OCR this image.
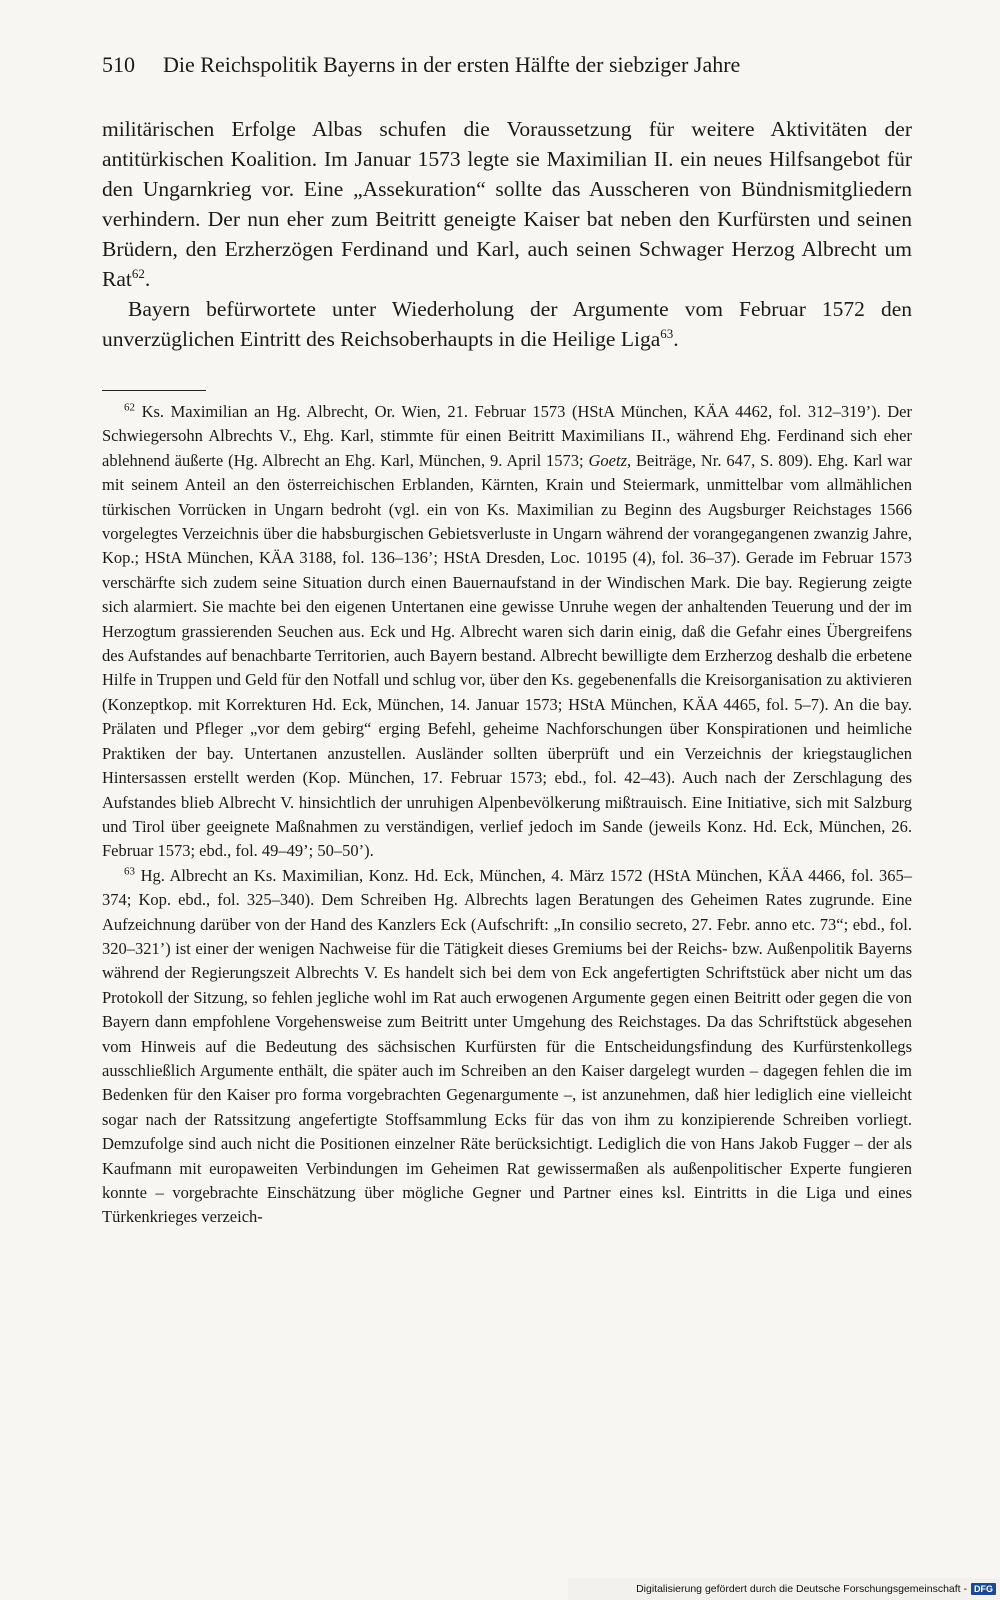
510 Die Reichspolitik Bayerns in der ersten Hälfte der siebziger Jahre

militärischen Erfolge Albas schufen die Voraussetzung für weitere Aktivitäten der antitürkischen Koalition. Im Januar 1573 legte sie Maximilian II. ein neues Hilfsangebot für den Ungarnkrieg vor. Eine „Assekuration“ sollte das Ausscheren von Bündnismitgliedern verhindern. Der nun eher zum Beitritt geneigte Kaiser bat neben den Kurfürsten und seinen Brüdern, den Erzherzögen Ferdinand und Karl, auch seinen Schwager Herzog Albrecht um Rat$^{62}$.

Bayern befürwortete unter Wiederholung der Argumente vom Februar 1572 den unverzüglichen Eintritt des Reichsoberhaupts in die Heilige Liga$^{63}$.

$^{62}$ Ks. Maximilian an Hg. Albrecht, Or. Wien, 21. Februar 1573 (HStA München, KÄA 4462, fol. 312–319’). Der Schwiegersohn Albrechts V., Ehg. Karl, stimmte für einen Beitritt Maximilians II., während Ehg. Ferdinand sich eher ablehnend äußerte (Hg. Albrecht an Ehg. Karl, München, 9. April 1573; Goetz, Beiträge, Nr. 647, S. 809). Ehg. Karl war mit seinem Anteil an den österreichischen Erblanden, Kärnten, Krain und Steiermark, unmittelbar vom allmählichen türkischen Vorrücken in Ungarn bedroht (vgl. ein von Ks. Maximilian zu Beginn des Augsburger Reichstages 1566 vorgelegtes Verzeichnis über die habsburgischen Gebietsverluste in Ungarn während der vorangegangenen zwanzig Jahre, Kop.; HStA München, KÄA 3188, fol. 136–136’; HStA Dresden, Loc. 10195 (4), fol. 36–37). Gerade im Februar 1573 verschärfte sich zudem seine Situation durch einen Bauernaufstand in der Windischen Mark. Die bay. Regierung zeigte sich alarmiert. Sie machte bei den eigenen Untertanen eine gewisse Unruhe wegen der anhaltenden Teuerung und der im Herzogtum grassierenden Seuchen aus. Eck und Hg. Albrecht waren sich darin einig, daß die Gefahr eines Übergreifens des Aufstandes auf benachbarte Territorien, auch Bayern bestand. Albrecht bewilligte dem Erzherzog deshalb die erbetene Hilfe in Truppen und Geld für den Notfall und schlug vor, über den Ks. gegebenenfalls die Kreisorganisation zu aktivieren (Konzeptkop. mit Korrekturen Hd. Eck, München, 14. Januar 1573; HStA München, KÄA 4465, fol. 5–7). An die bay. Prälaten und Pfleger „vor dem gebirg“ erging Befehl, geheime Nachforschungen über Konspirationen und heimliche Praktiken der bay. Untertanen anzustellen. Ausländer sollten überprüft und ein Verzeichnis der kriegstauglichen Hintersassen erstellt werden (Kop. München, 17. Februar 1573; ebd., fol. 42–43). Auch nach der Zerschlagung des Aufstandes blieb Albrecht V. hinsichtlich der unruhigen Alpenbevölkerung mißtrauisch. Eine Initiative, sich mit Salzburg und Tirol über geeignete Maßnahmen zu verständigen, verlief jedoch im Sande (jeweils Konz. Hd. Eck, München, 26. Februar 1573; ebd., fol. 49–49’; 50–50’).

$^{63}$ Hg. Albrecht an Ks. Maximilian, Konz. Hd. Eck, München, 4. März 1572 (HStA München, KÄA 4466, fol. 365–374; Kop. ebd., fol. 325–340). Dem Schreiben Hg. Albrechts lagen Beratungen des Geheimen Rates zugrunde. Eine Aufzeichnung darüber von der Hand des Kanzlers Eck (Aufschrift: „In consilio secreto, 27. Febr. anno etc. 73“; ebd., fol. 320–321’) ist einer der wenigen Nachweise für die Tätigkeit dieses Gremiums bei der Reichs- bzw. Außenpolitik Bayerns während der Regierungszeit Albrechts V. Es handelt sich bei dem von Eck angefertigten Schriftstück aber nicht um das Protokoll der Sitzung, so fehlen jegliche wohl im Rat auch erwogenen Argumente gegen einen Beitritt oder gegen die von Bayern dann empfohlene Vorgehensweise zum Beitritt unter Umgehung des Reichstages. Da das Schriftstück abgesehen vom Hinweis auf die Bedeutung des sächsischen Kurfürsten für die Entscheidungsfindung des Kurfürstenkollegs ausschließlich Argumente enthält, die später auch im Schreiben an den Kaiser dargelegt wurden – dagegen fehlen die im Bedenken für den Kaiser pro forma vorgebrachten Gegenargumente –, ist anzunehmen, daß hier lediglich eine vielleicht sogar nach der Ratssitzung angefertigte Stoffsammlung Ecks für das von ihm zu konzipierende Schreiben vorliegt. Demzufolge sind auch nicht die Positionen einzelner Räte berücksichtigt. Lediglich die von Hans Jakob Fugger – der als Kaufmann mit europaweiten Verbindungen im Geheimen Rat gewissermaßen als außenpolitischer Experte fungieren konnte – vorgebrachte Einschätzung über mögliche Gegner und Partner eines ksl. Eintritts in die Liga und eines Türkenkrieges verzeich-

Digitalisierung gefördert durch die Deutsche Forschungsgemeinschaft - DFG
